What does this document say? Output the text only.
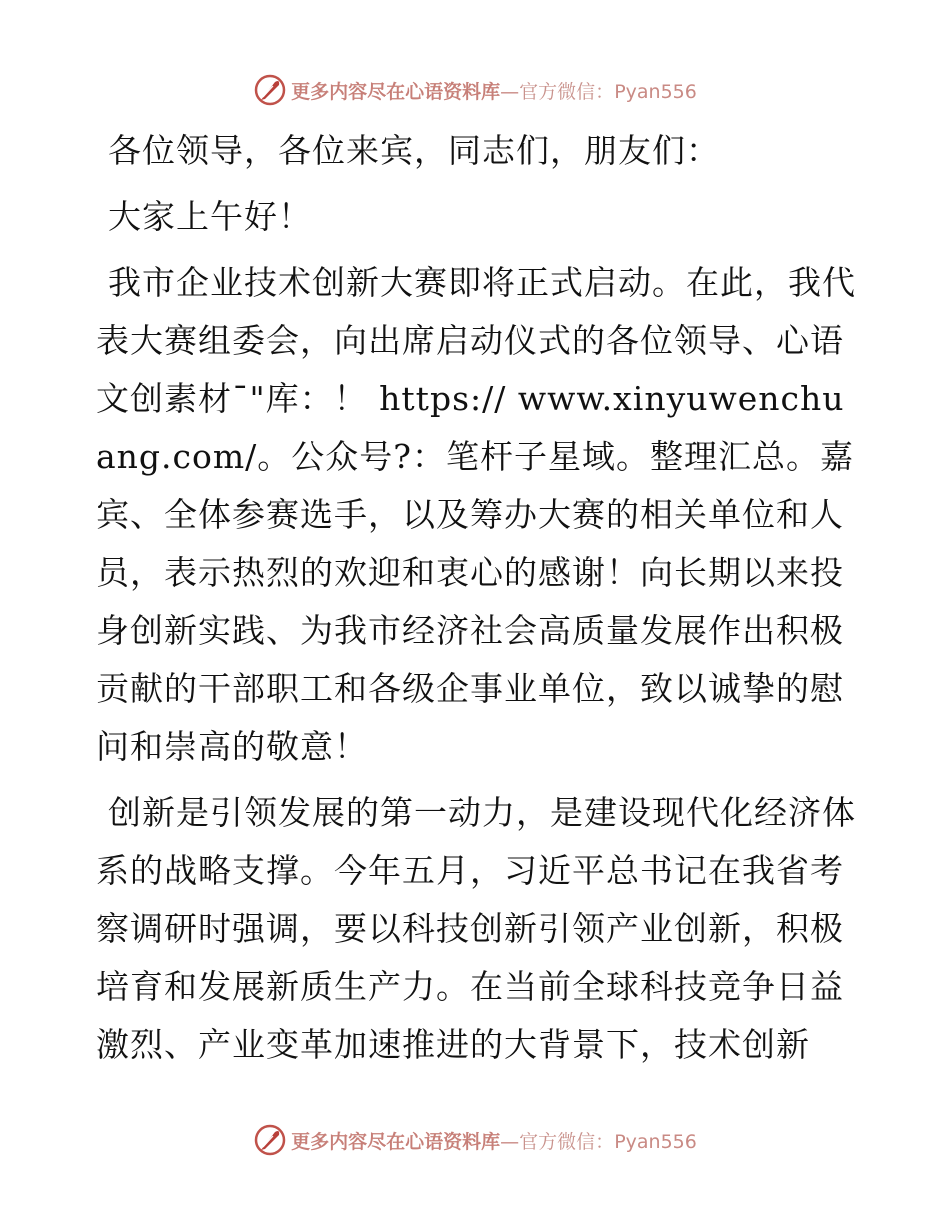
更多内容尽在心语资料库—官方微信：Pyan556

各位领导，各位来宾，同志们，朋友们：

大家上午好！

我市企业技术创新大赛即将正式启动。在此，我代表大赛组委会，向出席启动仪式的各位领导、心语文创素材¯"库：！ https:// www.xinyuwenchuang.com/。公众号?：笔杆子星域。整理汇总。嘉宾、全体参赛选手，以及筹办大赛的相关单位和人员，表示热烈的欢迎和衷心的感谢！向长期以来投身创新实践、为我市经济社会高质量发展作出积极贡献的干部职工和各级企事业单位，致以诚挚的慰问和崇高的敬意！

创新是引领发展的第一动力，是建设现代化经济体系的战略支撑。今年五月，习近平总书记在我省考察调研时强调，要以科技创新引领产业创新，积极培育和发展新质生产力。在当前全球科技竞争日益激烈、产业变革加速推进的大背景下，技术创新

更多内容尽在心语资料库—官方微信：Pyan556
